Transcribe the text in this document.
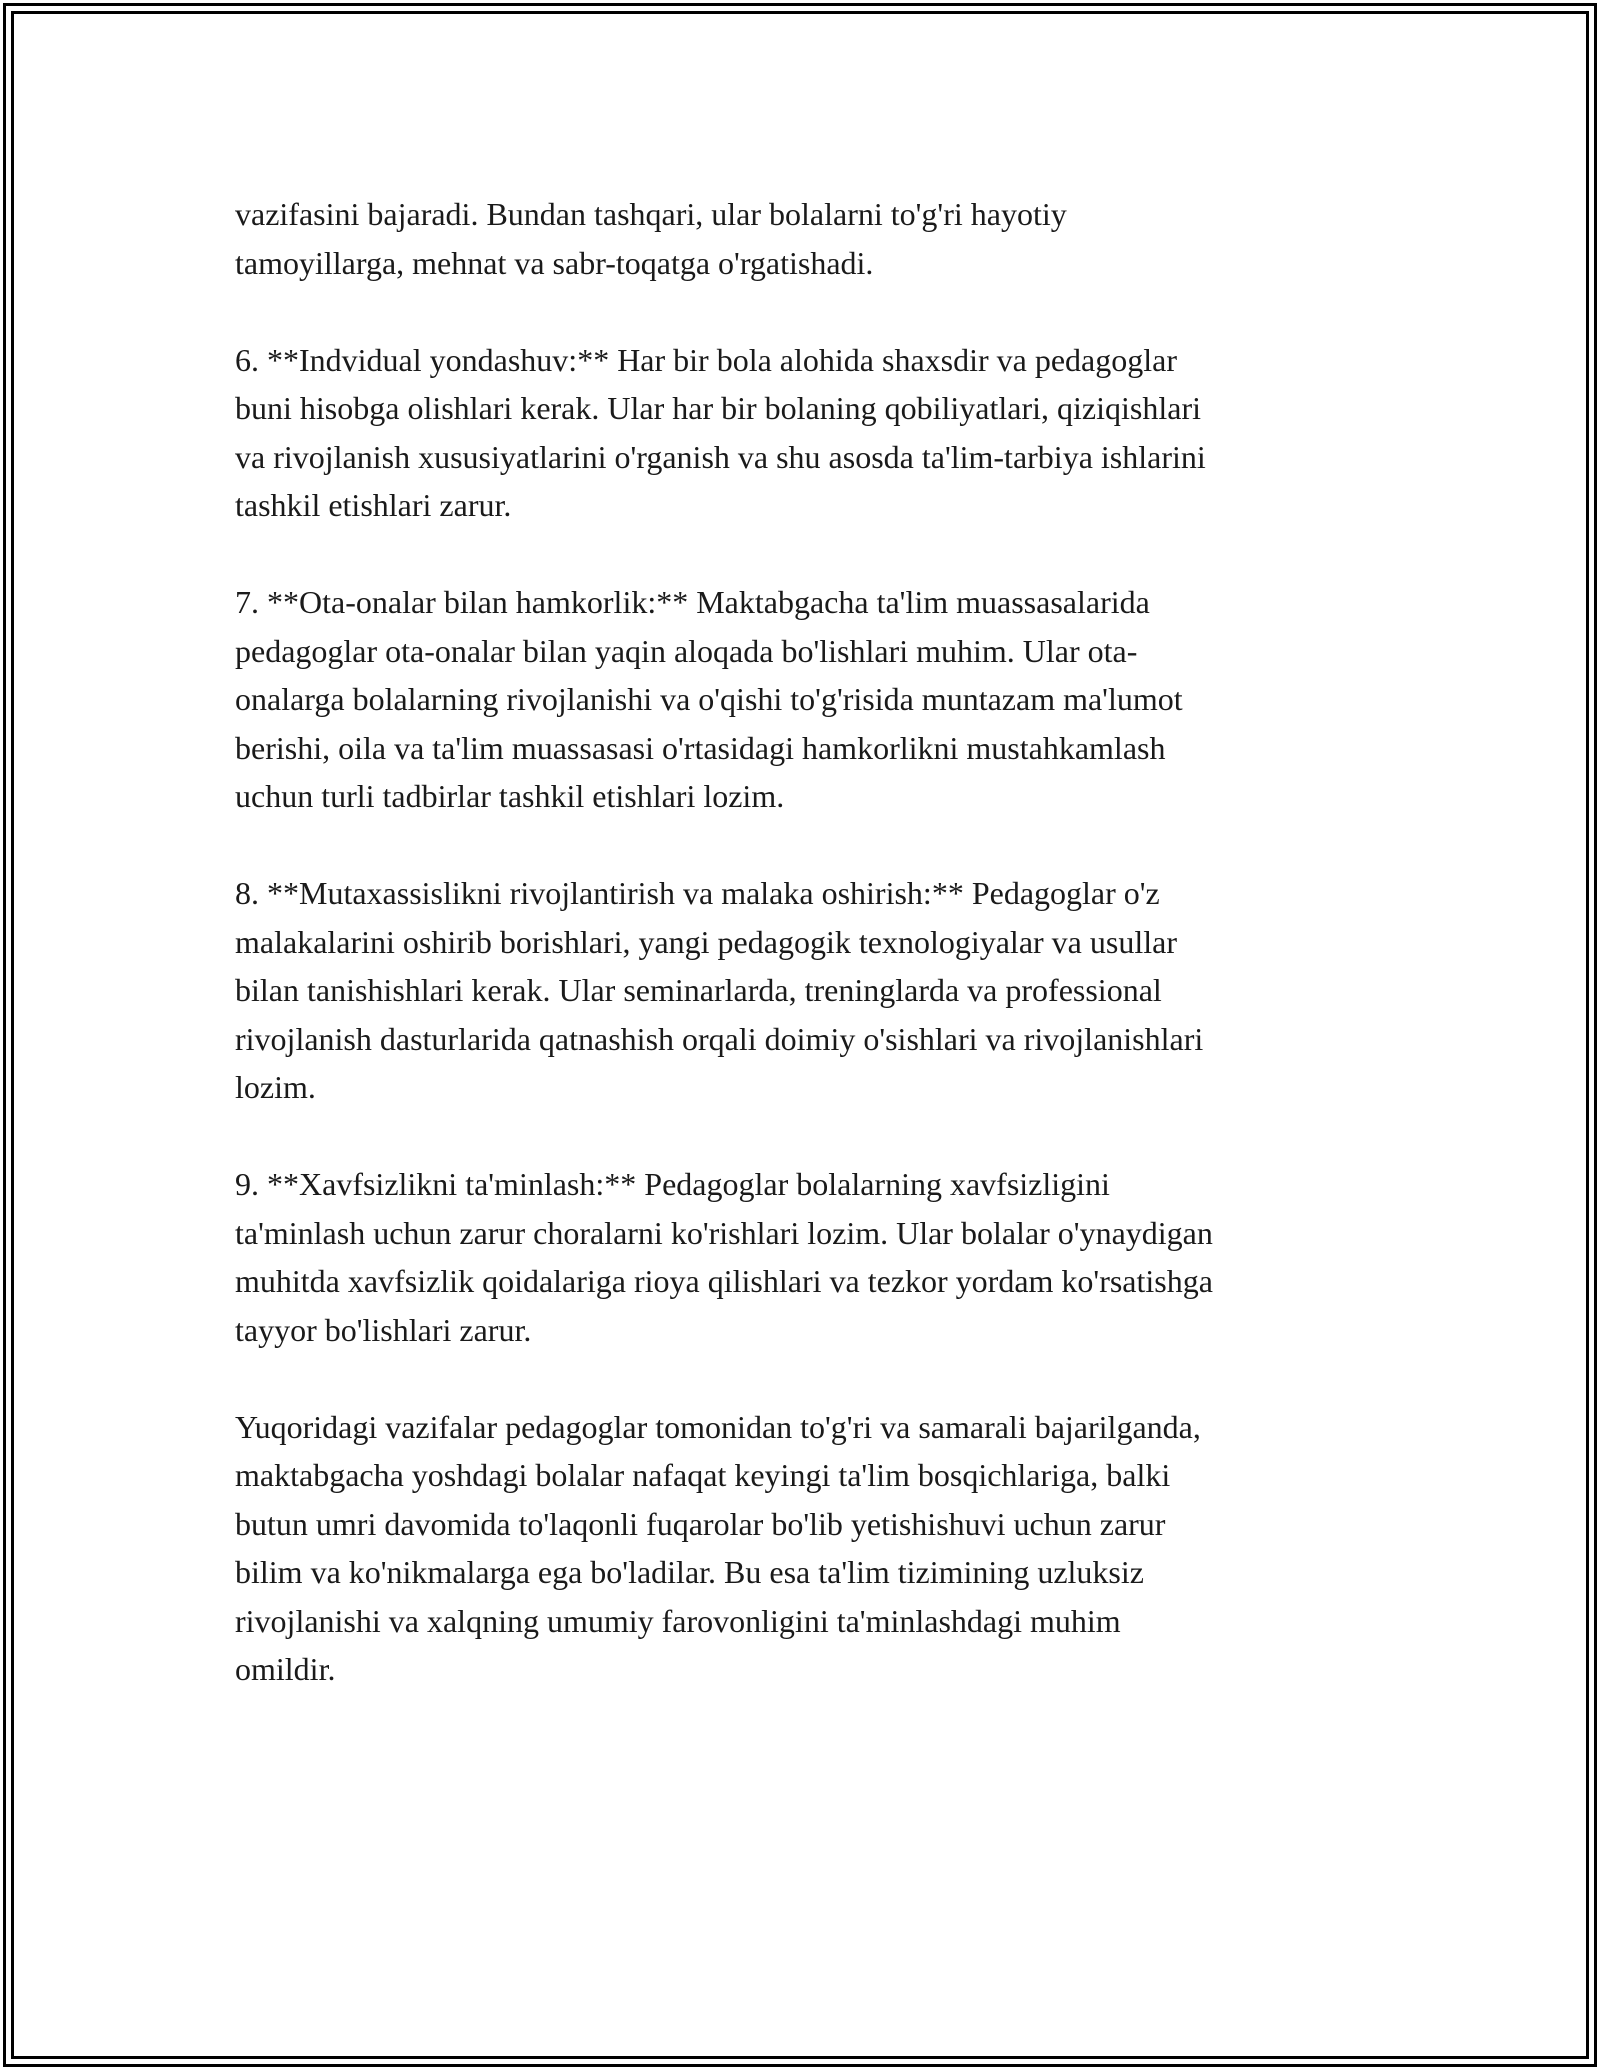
vazifasini bajaradi. Bundan tashqari, ular bolalarni to'g'ri hayotiy
tamoyillarga, mehnat va sabr-toqatga o'rgatishadi.

6. **Indvidual yondashuv:** Har bir bola alohida shaxsdir va pedagoglar
buni hisobga olishlari kerak. Ular har bir bolaning qobiliyatlari, qiziqishlari
va rivojlanish xususiyatlarini o'rganish va shu asosda ta'lim-tarbiya ishlarini
tashkil etishlari zarur.

7. **Ota-onalar bilan hamkorlik:** Maktabgacha ta'lim muassasalarida
pedagoglar ota-onalar bilan yaqin aloqada bo'lishlari muhim. Ular ota-
onalarga bolalarning rivojlanishi va o'qishi to'g'risida muntazam ma'lumot
berishi, oila va ta'lim muassasasi o'rtasidagi hamkorlikni mustahkamlash
uchun turli tadbirlar tashkil etishlari lozim.

8. **Mutaxassislikni rivojlantirish va malaka oshirish:** Pedagoglar o'z
malakalarini oshirib borishlari, yangi pedagogik texnologiyalar va usullar
bilan tanishishlari kerak. Ular seminarlarda, treninglarda va professional
rivojlanish dasturlarida qatnashish orqali doimiy o'sishlari va rivojlanishlari
lozim.

9. **Xavfsizlikni ta'minlash:** Pedagoglar bolalarning xavfsizligini
ta'minlash uchun zarur choralarni ko'rishlari lozim. Ular bolalar o'ynaydigan
muhitda xavfsizlik qoidalariga rioya qilishlari va tezkor yordam ko'rsatishga
tayyor bo'lishlari zarur.

Yuqoridagi vazifalar pedagoglar tomonidan to'g'ri va samarali bajarilganda,
maktabgacha yoshdagi bolalar nafaqat keyingi ta'lim bosqichlariga, balki
butun umri davomida to'laqonli fuqarolar bo'lib yetishishuvi uchun zarur
bilim va ko'nikmalarga ega bo'ladilar. Bu esa ta'lim tizimining uzluksiz
rivojlanishi va xalqning umumiy farovonligini ta'minlashdagi muhim
omildir.
